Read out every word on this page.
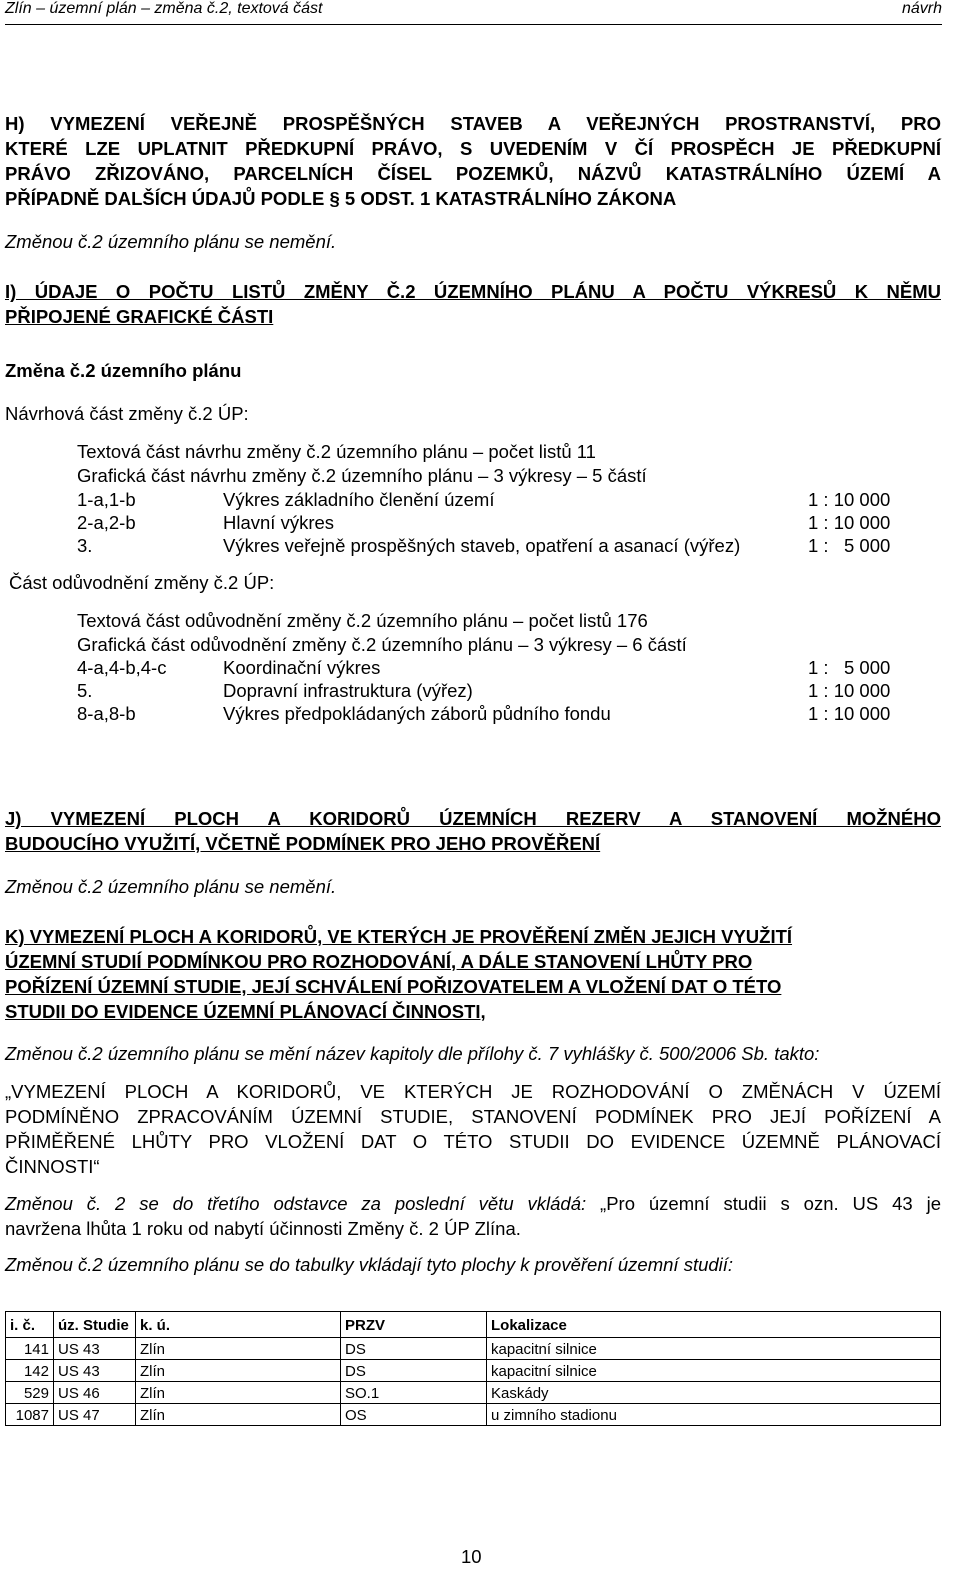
Zlín – územní plán – změna č.2, textová část	návrh
H) VYMEZENÍ VEŘEJNĚ PROSPĚŠNÝCH STAVEB A VEŘEJNÝCH PROSTRANSTVÍ, PRO
KTERÉ LZE UPLATNIT PŘEDKUPNÍ PRÁVO, S UVEDENÍM V ČÍ PROSPĚCH JE PŘEDKUPNÍ
PRÁVO ZŘIZOVÁNO, PARCELNÍCH ČÍSEL POZEMKŮ, NÁZVŮ KATASTRÁLNÍHO ÚZEMÍ A
PŘÍPADNĚ DALŠÍCH ÚDAJŮ PODLE § 5 ODST. 1 KATASTRÁLNÍHO ZÁKONA
Změnou č.2 územního plánu se nemění.
I) ÚDAJE O POČTU LISTŮ ZMĚNY Č.2 ÚZEMNÍHO PLÁNU A POČTU VÝKRESŮ K NĚMU
PŘIPOJENÉ GRAFICKÉ ČÁSTI
Změna č.2 územního plánu
Návrhová část změny č.2 ÚP:
Textová část návrhu změny č.2 územního plánu – počet listů 11
Grafická část návrhu změny č.2 územního plánu – 3 výkresy – 5 částí
1-a,1-b	Výkres základního členění území	1 : 10 000
2-a,2-b	Hlavní výkres	1 : 10 000
3.	Výkres veřejně prospěšných staveb, opatření a asanací (výřez)	1 :   5 000
Část odůvodnění změny č.2 ÚP:
Textová část odůvodnění změny č.2 územního plánu – počet listů 176
Grafická část odůvodnění změny č.2 územního plánu – 3 výkresy – 6 částí
4-a,4-b,4-c	Koordinační výkres	1 :   5 000
5.	Dopravní infrastruktura (výřez)	1 : 10 000
8-a,8-b	Výkres předpokládaných záborů půdního fondu	1 : 10 000
J) VYMEZENÍ PLOCH A KORIDORŮ ÚZEMNÍCH REZERV A STANOVENÍ MOŽNÉHO
BUDOUCÍHO VYUŽITÍ, VČETNĚ PODMÍNEK PRO JEHO PROVĚŘENÍ
Změnou č.2 územního plánu se nemění.
K) VYMEZENÍ PLOCH A KORIDORŮ, VE KTERÝCH JE PROVĚŘENÍ ZMĚN JEJICH VYUŽITÍ
ÚZEMNÍ STUDIÍ PODMÍNKOU PRO ROZHODOVÁNÍ, A DÁLE STANOVENÍ LHŮTY PRO
POŘÍZENÍ ÚZEMNÍ STUDIE, JEJÍ SCHVÁLENÍ POŘIZOVATELEM A VLOŽENÍ DAT O TÉTO
STUDII DO EVIDENCE ÚZEMNÍ PLÁNOVACÍ ČINNOSTI,
Změnou č.2 územního plánu se mění název kapitoly dle přílohy č. 7 vyhlášky č. 500/2006 Sb. takto:
„VYMEZENÍ PLOCH A KORIDORŮ, VE KTERÝCH JE ROZHODOVÁNÍ O ZMĚNÁCH V ÚZEMÍ
PODMÍNĚNO ZPRACOVÁNÍM ÚZEMNÍ STUDIE, STANOVENÍ PODMÍNEK PRO JEJÍ POŘÍZENÍ A
PŘIMĚŘENÉ LHŮTY PRO VLOŽENÍ DAT O TÉTO STUDII DO EVIDENCE ÚZEMNĚ PLÁNOVACÍ
ČINNOSTI“
Změnou č. 2 se do třetího odstavce za poslední větu vkládá: „Pro územní studii s ozn. US 43 je
navržena lhůta 1 roku od nabytí účinnosti Změny č. 2 ÚP Zlína.
Změnou č.2 územního plánu se do tabulky vkládají tyto plochy k prověření územní studií:
i. č.	úz. Studie	k. ú.	PRZV	Lokalizace
141	US 43	Zlín	DS	kapacitní silnice
142	US 43	Zlín	DS	kapacitní silnice
529	US 46	Zlín	SO.1	Kaskády
1087	US 47	Zlín	OS	u zimního stadionu
10
